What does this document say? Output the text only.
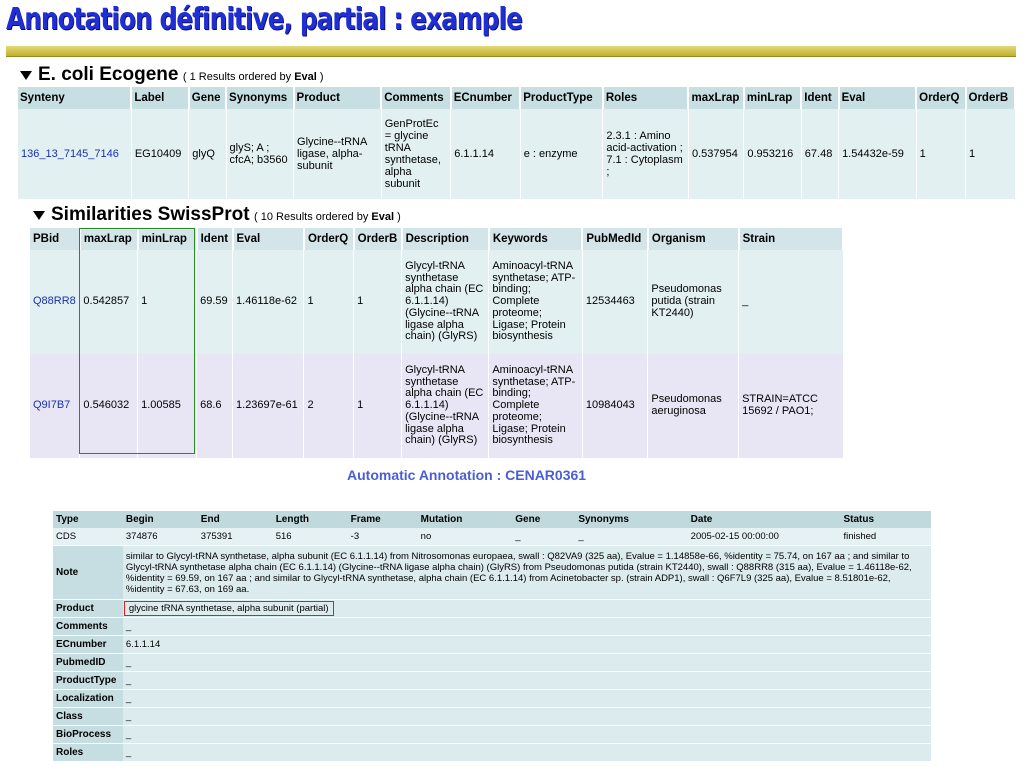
Annotation définitive, partial : example
E. coli Ecogene ( 1 Results ordered by Eval )
Synteny	Label	Gene	Synonyms	Product	Comments	ECnumber	ProductType	Roles	maxLrap	minLrap	Ident	Eval	OrderQ	OrderB
136_13_7145_7146	EG10409	glyQ	glyS; A ; cfcA; b3560	Glycine--tRNA ligase, alpha-subunit	GenProtEc = glycine tRNA synthetase, alpha subunit	6.1.1.14	e : enzyme	2.3.1 : Amino acid-activation ; 7.1 : Cytoplasm ;	0.537954	0.953216	67.48	1.54432e-59	1	1
Similarities SwissProt ( 10 Results ordered by Eval )
PBid	maxLrap	minLrap	Ident	Eval	OrderQ	OrderB	Description	Keywords	PubMedId	Organism	Strain
Q88RR8	0.542857	1	69.59	1.46118e-62	1	1	Glycyl-tRNA synthetase alpha chain (EC 6.1.1.14) (Glycine--tRNA ligase alpha chain) (GlyRS)	Aminoacyl-tRNA synthetase; ATP-binding; Complete proteome; Ligase; Protein biosynthesis	12534463	Pseudomonas putida (strain KT2440)	_
Q9I7B7	0.546032	1.00585	68.6	1.23697e-61	2	1	Glycyl-tRNA synthetase alpha chain (EC 6.1.1.14) (Glycine--tRNA ligase alpha chain) (GlyRS)	Aminoacyl-tRNA synthetase; ATP-binding; Complete proteome; Ligase; Protein biosynthesis	10984043	Pseudomonas aeruginosa	STRAIN=ATCC 15692 / PAO1;
Automatic Annotation : CENAR0361
Type	Begin	End	Length	Frame	Mutation	Gene	Synonyms	Date	Status
CDS	374876	375391	516	-3	no	_	_	2005-02-15 00:00:00	finished
Note	similar to Glycyl-tRNA synthetase, alpha subunit (EC 6.1.1.14) from Nitrosomonas europaea, swall : Q82VA9 (325 aa), Evalue = 1.14858e-66, %identity = 75.74, on 167 aa ; and similar to Glycyl-tRNA synthetase alpha chain (EC 6.1.1.14) (Glycine--tRNA ligase alpha chain) (GlyRS) from Pseudomonas putida (strain KT2440), swall : Q88RR8 (315 aa), Evalue = 1.46118e-62, %identity = 69.59, on 167 aa ; and similar to Glycyl-tRNA synthetase, alpha chain (EC 6.1.1.14) from Acinetobacter sp. (strain ADP1), swall : Q6F7L9 (325 aa), Evalue = 8.51801e-62, %identity = 67.63, on 169 aa.								
Product	glycine tRNA synthetase, alpha subunit (partial)								
Comments	_								
ECnumber	6.1.1.14								
PubmedID	_								
ProductType	_								
Localization	_								
Class	_								
BioProcess	_								
Roles	_								
